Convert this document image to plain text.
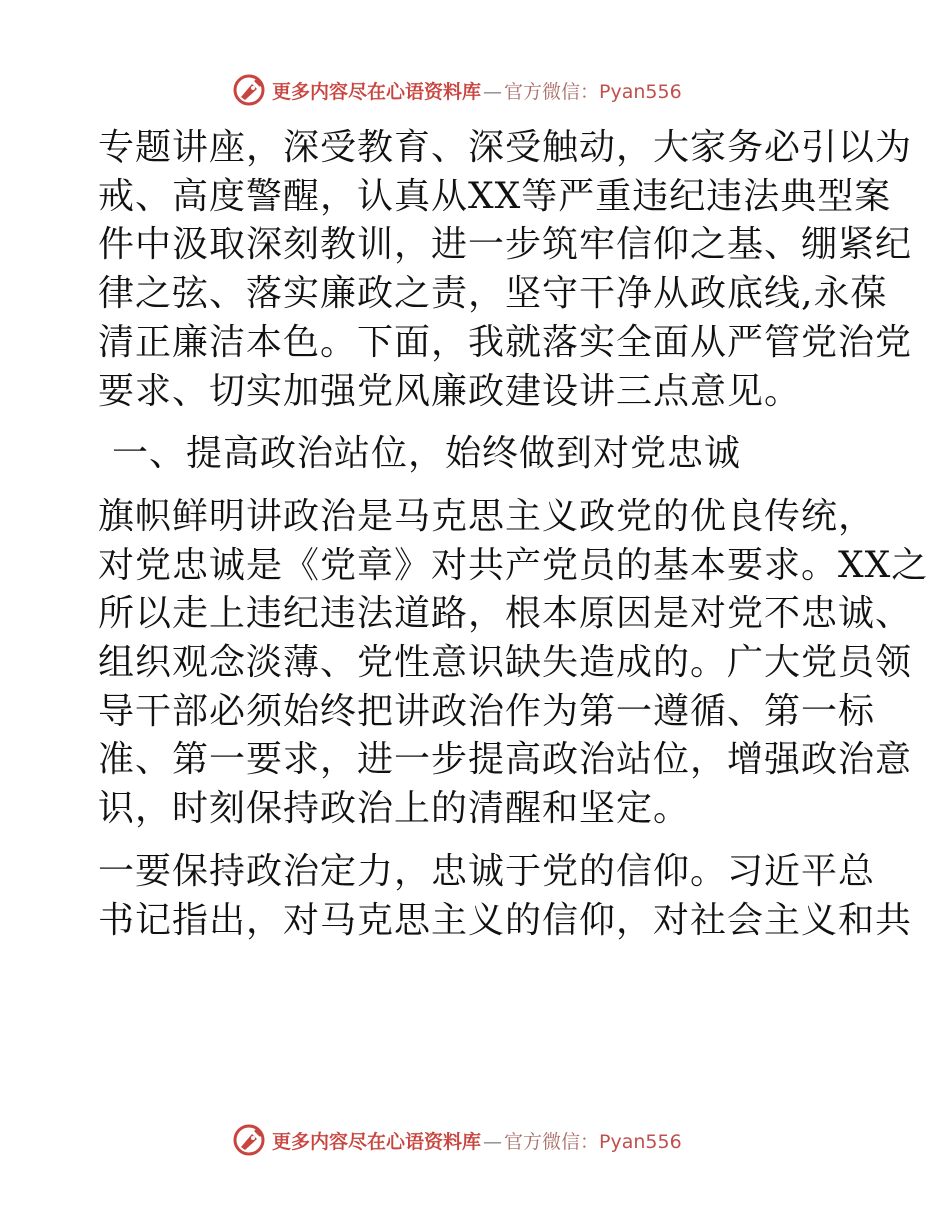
更多内容尽在心语资料库 — 官方微信：Pyan556

专题讲座，深受教育、深受触动，大家务必引以为
戒、高度警醒，认真从XX等严重违纪违法典型案
件中汲取深刻教训，进一步筑牢信仰之基、绷紧纪
律之弦、落实廉政之责，坚守干净从政底线,永葆
清正廉洁本色。下面，我就落实全面从严管党治党
要求、切实加强党风廉政建设讲三点意见。

一、提高政治站位，始终做到对党忠诚

旗帜鲜明讲政治是马克思主义政党的优良传统，
对党忠诚是《党章》对共产党员的基本要求。XX之
所以走上违纪违法道路，根本原因是对党不忠诚、
组织观念淡薄、党性意识缺失造成的。广大党员领
导干部必须始终把讲政治作为第一遵循、第一标
准、第一要求，进一步提高政治站位，增强政治意
识，时刻保持政治上的清醒和坚定。

一要保持政治定力，忠诚于党的信仰。习近平总
书记指出，对马克思主义的信仰，对社会主义和共

更多内容尽在心语资料库 — 官方微信：Pyan556
